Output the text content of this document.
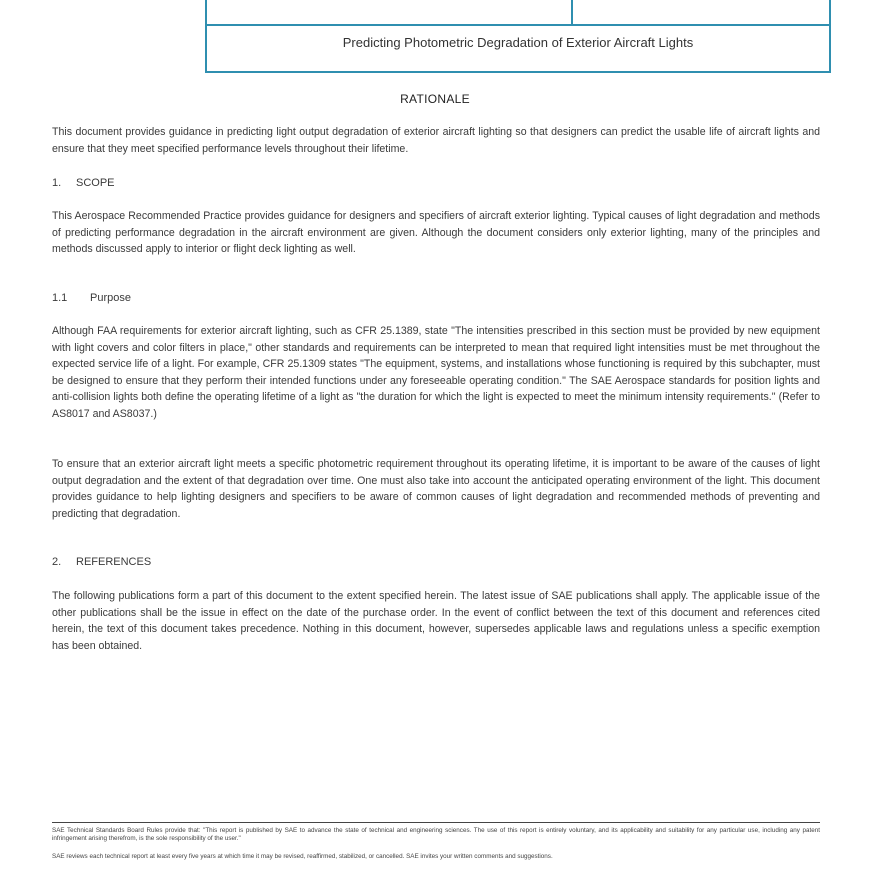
Predicting Photometric Degradation of Exterior Aircraft Lights
RATIONALE
This document provides guidance in predicting light output degradation of exterior aircraft lighting so that designers can predict the usable life of aircraft lights and ensure that they meet specified performance levels throughout their lifetime.
1. SCOPE
This Aerospace Recommended Practice provides guidance for designers and specifiers of aircraft exterior lighting. Typical causes of light degradation and methods of predicting performance degradation in the aircraft environment are given. Although the document considers only exterior lighting, many of the principles and methods discussed apply to interior or flight deck lighting as well.
1.1 Purpose
Although FAA requirements for exterior aircraft lighting, such as CFR 25.1389, state "The intensities prescribed in this section must be provided by new equipment with light covers and color filters in place," other standards and requirements can be interpreted to mean that required light intensities must be met throughout the expected service life of a light. For example, CFR 25.1309 states "The equipment, systems, and installations whose functioning is required by this subchapter, must be designed to ensure that they perform their intended functions under any foreseeable operating condition." The SAE Aerospace standards for position lights and anti-collision lights both define the operating lifetime of a light as "the duration for which the light is expected to meet the minimum intensity requirements." (Refer to AS8017 and AS8037.)
To ensure that an exterior aircraft light meets a specific photometric requirement throughout its operating lifetime, it is important to be aware of the causes of light output degradation and the extent of that degradation over time. One must also take into account the anticipated operating environment of the light. This document provides guidance to help lighting designers and specifiers to be aware of common causes of light degradation and recommended methods of preventing and predicting that degradation.
2. REFERENCES
The following publications form a part of this document to the extent specified herein. The latest issue of SAE publications shall apply. The applicable issue of the other publications shall be the issue in effect on the date of the purchase order. In the event of conflict between the text of this document and references cited herein, the text of this document takes precedence. Nothing in this document, however, supersedes applicable laws and regulations unless a specific exemption has been obtained.
SAE Technical Standards Board Rules provide that: "This report is published by SAE to advance the state of technical and engineering sciences. The use of this report is entirely voluntary, and its applicability and suitability for any particular use, including any patent infringement arising therefrom, is the sole responsibility of the user."
SAE reviews each technical report at least every five years at which time it may be revised, reaffirmed, stabilized, or cancelled. SAE invites your written comments and suggestions.
